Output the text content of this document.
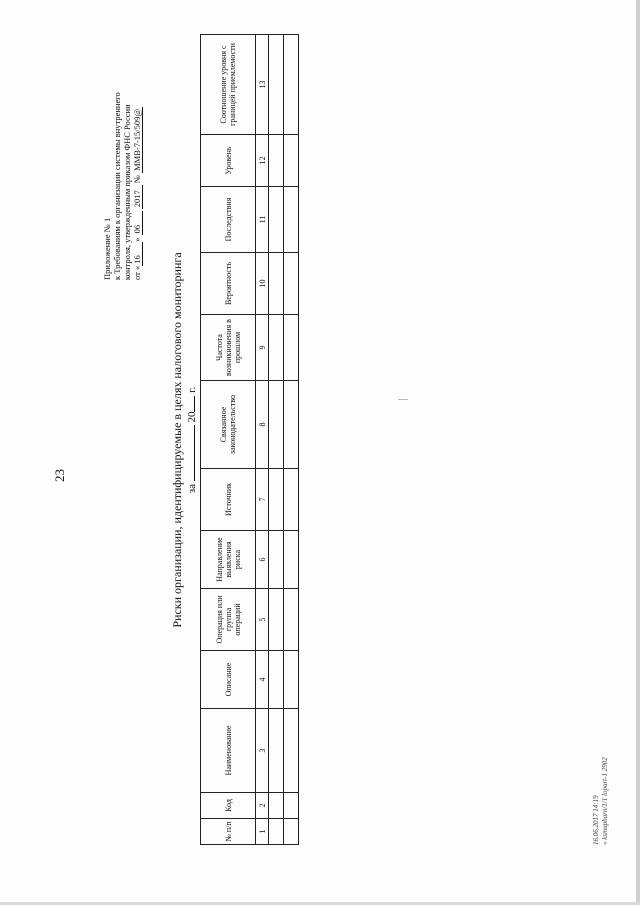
23
Приложение № 1 к Требованиям к организации системы внутреннего контроля, утвержденным приказом ФНС России от «16» 06 2017 № ММВ-7-15/509@
Риски организации, идентифицируемые в целях налогового мониторинга за  20 г.
№ п/п	Код	Наименование	Описание	Операция или группа операций	Направление выявления риска	Источник	Связанное законодательство	Частота возникновения в прошлом	Вероятность	Последствия	Уровень	Соотношение уровня с границей приемлемости
1	2	3	4	5	6	7	8	9	10	11	12	13

16.06.2017 14:19 « ksmupbarn/1/1 lopart-1 2902
